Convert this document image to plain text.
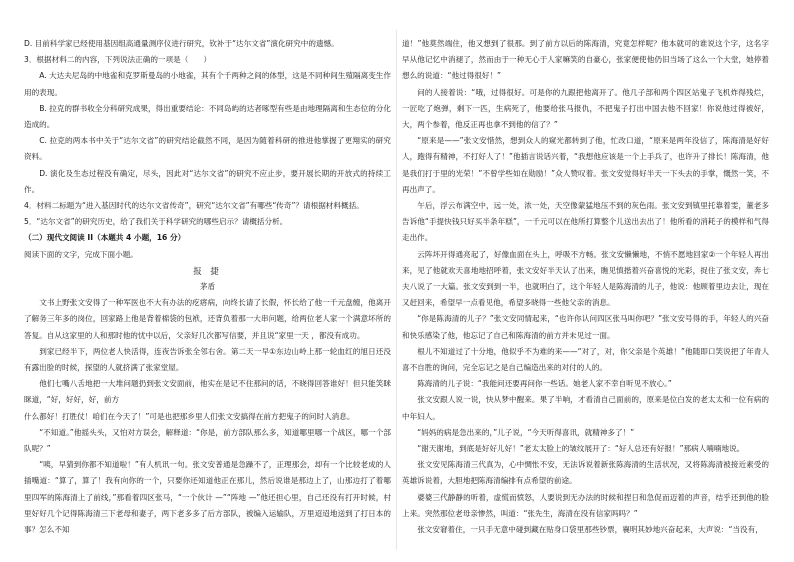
D. 目前科学家已经使用基因组高通量测序仪进行研究，钦补于“达尔文省”演化研究中的遗憾。

3．根据材料二的内容，下列说法正确的一项是（　　）

A. 大达夫尼岛的中地雀和克罗斯曼岛的小地雀，其有个千两种之间的体型，这是不同种间生殖隔离变生作用的表现。

B. 拉克的群书收全分科研究成果，得出重要结论：不同岛屿的达者啄型有些是由地理隔离和生态位的分化造成的。

C. 拉克的两本书中关于“达尔文省”的研究结论截然不同，是因为随着科研的推进他掌握了更翔实的研究资料。

D. 演化及生态过程没有确定，尽头，因此对“达尔文省”的研究不应止步，要开展长期的开放式的持续工作。

4．材料二标题为“进入基因时代的达尔文省传奇”，研究“达尔文省”有哪些“传奇”？请根据材料概括。

5．“达尔文省”的研究历史，给了我们关于科学研究的哪些启示？请概括分析。

（二）现代文阅读 II（本题共 4 小题，16 分）

阅读下面的文字，完成下面小题。

报 捷

茅盾

文书上野张文安得了一种军医也不大有办法的疙瘩病，向终长请了长假，怀长给了他一千元盘缠，他离开了解务三年多的岗位，回家路上他是背着棉袋的包袱，还背负着那一大串问题，给两位老人家一个满意坏所的答复。自从这家里的人和那时他的忧中以后，父亲好几次都写信要，并且说“家里一天 ，都没有成功。

到家已经半下，两位老人快活得，连夜告诉张全邻右舍。第二天一早①东边山岭上那一轮血红的旭日还没有露出脸的时候，探望的人就挤满了张家堂屋。

他们七嘴八舌地把一大堆问题扔到张文安面前，他实在是记不住那问的话，不晓得回答谁好！但只能笑眯眯道，“好，好好，好，前方

什么都好！打胜仗！咱们在今天了！”可是也把那乡里人们张文安搞得在前方把鬼子的问时人消息。

“不知道。”他摇头头，又怕对方误会，解释道：“你是，前方部队那么多，知道哪里哪一个战区，哪一个部队呢？”

“咦，早猜到你都不知道啦！”有人机讯一句。张文安普通是急躁不了，正理那会，却有一个比较老成的人插嘴道：“算了，算了！我有向你的一个，只要你还知道他正在那儿，然后说谁是那边上了，山那边打了着哪里四军的陈海清上了前线，”那看着四区张马，“一个伙计 —”“阵地 —”他还担心里，自己还没有打开时候，村里好好几个记得陈海清三下老母和妻子，两下老多多了后方部队，被编入运输队，万里迢迢地送到了打日本的事？怎么不知

道！”他莫然端住，他又想到了很那。到了前方以后的陈海清，究竟怎样呢？他本就可的谁说这个字，这名字早从他记忆中消褪了，然而由于一种无心于人家嘛笑的自豪心，张家便使他仍旧当场了这么一个大堂，她停着想么的说道：“他过得很好！”

问的人接着说：“哦，过得很好。可是你的九跟把他离开了。他几子部和两个四区站鬼子飞机炸得残烂，一匠吃了炮弹，剩下一匹，生病死了，他要给张马报仇，不把鬼子打出中国去他不回家！你说他过得被好，大，两个参着，他反正再也拿不到他的信了？”

“原来是——”张文安惜然，想到众人的窥光都转到了他，忙改口道，“原来是两年没信了，陈海清是好好人，跑得有精神，不打好人了！”他插言说话兴着，“我想他应该是一个上手兵了，也许升了排长！陈海清，他是我们打于里的光荣！”不曾学些如在勋励！”众人赞叹着。张文安觉得好半天一下头去的手掌，慨然一笑，不再出声了。

午后，浮云布满空中，远一处，浓一处，天空像蒙猛地压不到的灰色雨。张文安到镇里托靠着雯，董老多告诉他“手提快钱只好买半条年糕”，一千元可以在他所打算整个儿送出去出了！他所看的消耗子的模样和气得走出作。

云阵坏开得通亮起了，好像血面在头上，呼吸不方畅。张文安懒懒地，不悄不愿地回家②一个年轻人再出来，见了他就欢天喜地地招呼着，张文安好半天认了出来，瞧见慎揩着兴奋喜悦的光彩，捉住了张文安，奔七夫八说了一大篇。张文安到到一半，也就明白了，这个年轻人是陈海清的儿子，他说：他顾着里边去让，现在又赶回来，希望早一点看见他，希望多晓得一些他父亲的消息。

“你是陈海清的儿子？”张文安同情起来，“也许你认问四区张马叫你吧？”张文安号得的手，年轻人的兴奋和快乐感染了他，他忘记了自己和陈海清的前方并未见过一面。

根儿不知道过了十分地，他似乎不为难的来——“对了，对，你父亲是个英雄！”他随即口笑说把了年青人喜不自胜的询问，完全忘记之是自己编造出来的对付的人的。

陈海清的儿子说：“我能问还要再问你一些话。她老人家不幸自听见不放心。”

张文安跟人说一说，快从梦中醒来。果了半响，才看清自己面前的，原来是位白发的老太太和一位有病的中年妇人。

“妈妈的病是急出来的，”儿子说，“今天听得喜讯，就精神多了！”

“谢天谢地，到底是好好儿好！”老太太脸上的皱纹展开了：“好人总还有好报！”那病人喃喃地说。

张文安见陈海清三代真为，心中惆怅不安，无法诉说着新张陈海清的生活状况，又将陈海清被接近素受的英雄诉说着，大胆地把陈海清编排有点希望的前途。

婆婆三代静静的听着，虚慌而愤怒，人要说到无办法的时候和捏日和急促而迈着的声音，结乎还到他的脸上来。突然那位老母亲惨然，叫道：“张先生，海清在没有信家吗吗？”

张文安窘着住，一只手无意中碰到藏在贴身口袋里那些钞票，襄明其妙地兴奋起来，大声说：“当没有，
